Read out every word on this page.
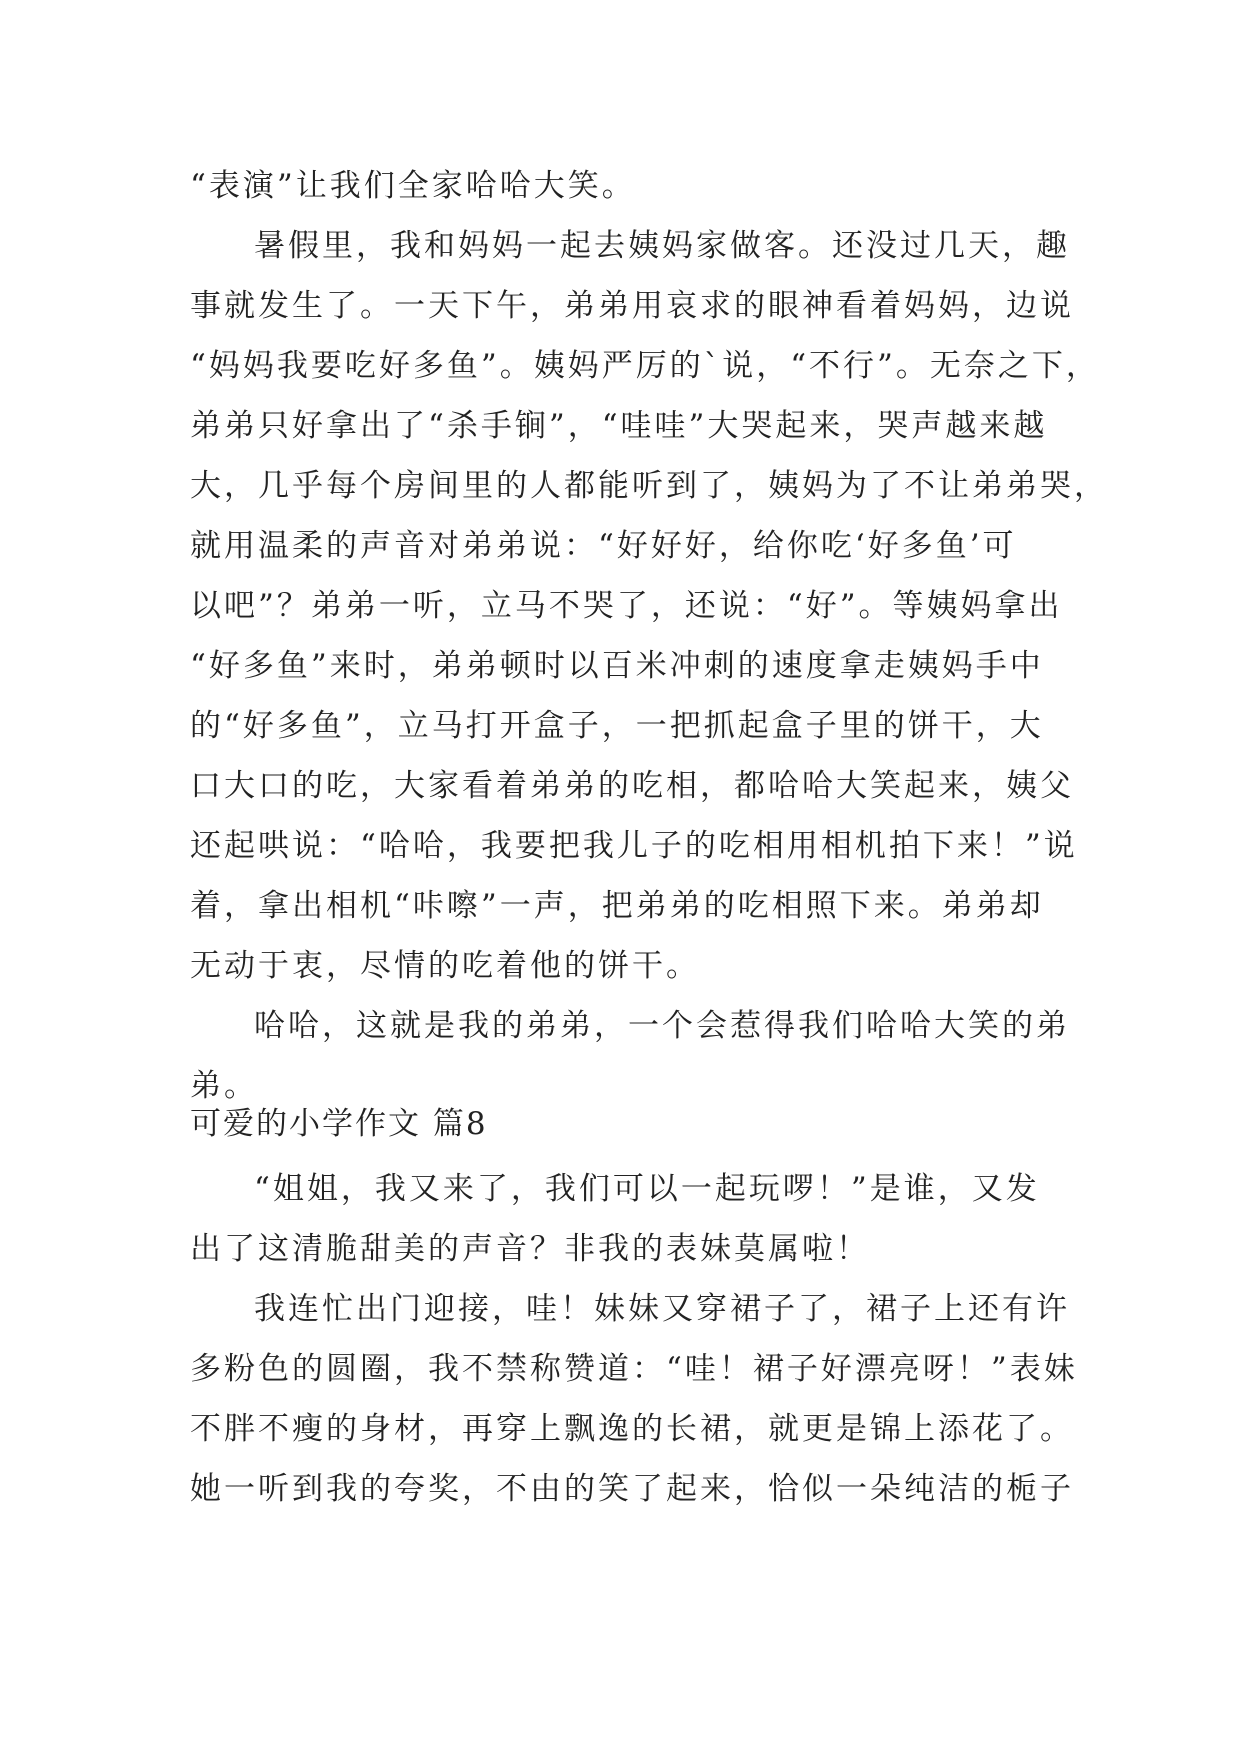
“表演”让我们全家哈哈大笑。
暑假里，我和妈妈一起去姨妈家做客。还没过几天，趣
事就发生了。一天下午，弟弟用哀求的眼神看着妈妈，边说
“妈妈我要吃好多鱼”。姨妈严厉的`说，“不行”。无奈之下，
弟弟只好拿出了“杀手锏”，“哇哇”大哭起来，哭声越来越
大，几乎每个房间里的人都能听到了，姨妈为了不让弟弟哭，
就用温柔的声音对弟弟说：“好好好，给你吃‘好多鱼’可
以吧”？弟弟一听，立马不哭了，还说：“好”。等姨妈拿出
“好多鱼”来时，弟弟顿时以百米冲刺的速度拿走姨妈手中
的“好多鱼”，立马打开盒子，一把抓起盒子里的饼干，大
口大口的吃，大家看着弟弟的吃相，都哈哈大笑起来，姨父
还起哄说：“哈哈，我要把我儿子的吃相用相机拍下来！”说
着，拿出相机“咔嚓”一声，把弟弟的吃相照下来。弟弟却
无动于衷，尽情的吃着他的饼干。
哈哈，这就是我的弟弟，一个会惹得我们哈哈大笑的弟
弟。
可爱的小学作文 篇8
“姐姐，我又来了，我们可以一起玩啰！”是谁，又发
出了这清脆甜美的声音？非我的表妹莫属啦！
我连忙出门迎接，哇！妹妹又穿裙子了，裙子上还有许
多粉色的圆圈，我不禁称赞道：“哇！裙子好漂亮呀！”表妹
不胖不瘦的身材，再穿上飘逸的长裙，就更是锦上添花了。
她一听到我的夸奖，不由的笑了起来，恰似一朵纯洁的栀子
